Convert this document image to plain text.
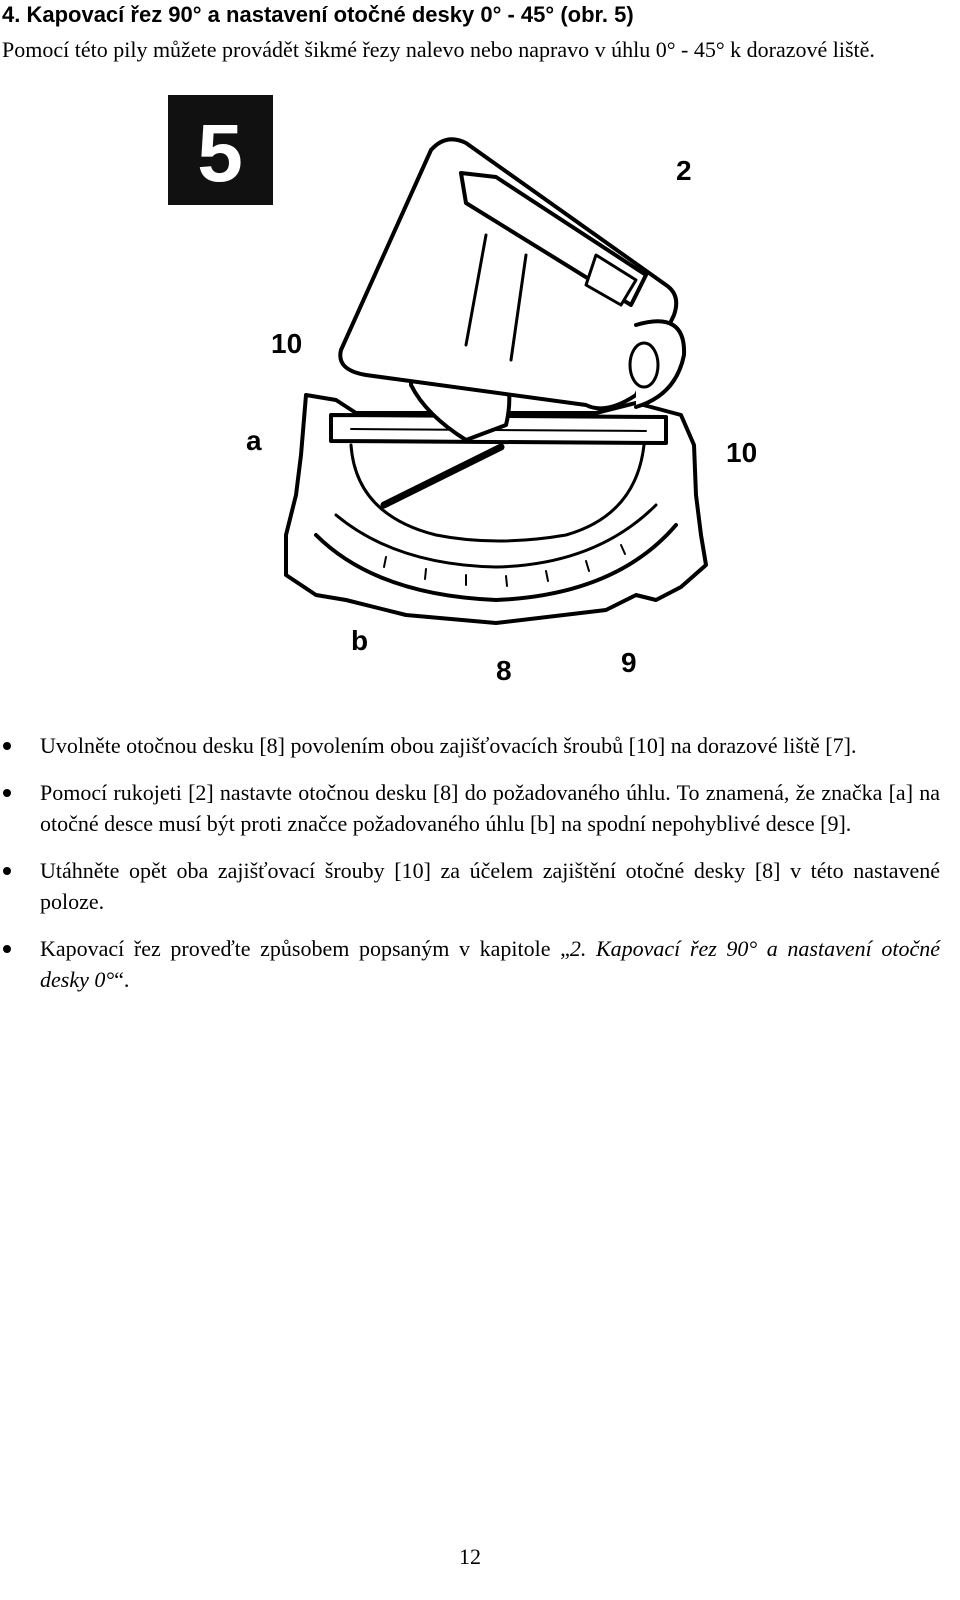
4. Kapovací řez 90° a nastavení otočné desky 0° - 45° (obr. 5)

Pomocí této pily můžete provádět šikmé řezy nalevo nebo napravo v úhlu 0° - 45° k dorazové liště.

5	2
10
10
a
b
8	9
Uvolněte otočnou desku [8] povolením obou zajišťovacích šroubů [10] na dorazové liště [7].
Pomocí rukojeti [2] nastavte otočnou desku [8] do požadovaného úhlu. To znamená, že značka [a] na otočné desce musí být proti značce požadovaného úhlu [b] na spodní nepohyblivé desce [9].
Utáhněte opět oba zajišťovací šrouby [10] za účelem zajištění otočné desky [8] v této nastavené poloze.
Kapovací řez proveďte způsobem popsaným v kapitole „2. Kapovací řez 90° a nastavení otočné desky 0°“.
12
